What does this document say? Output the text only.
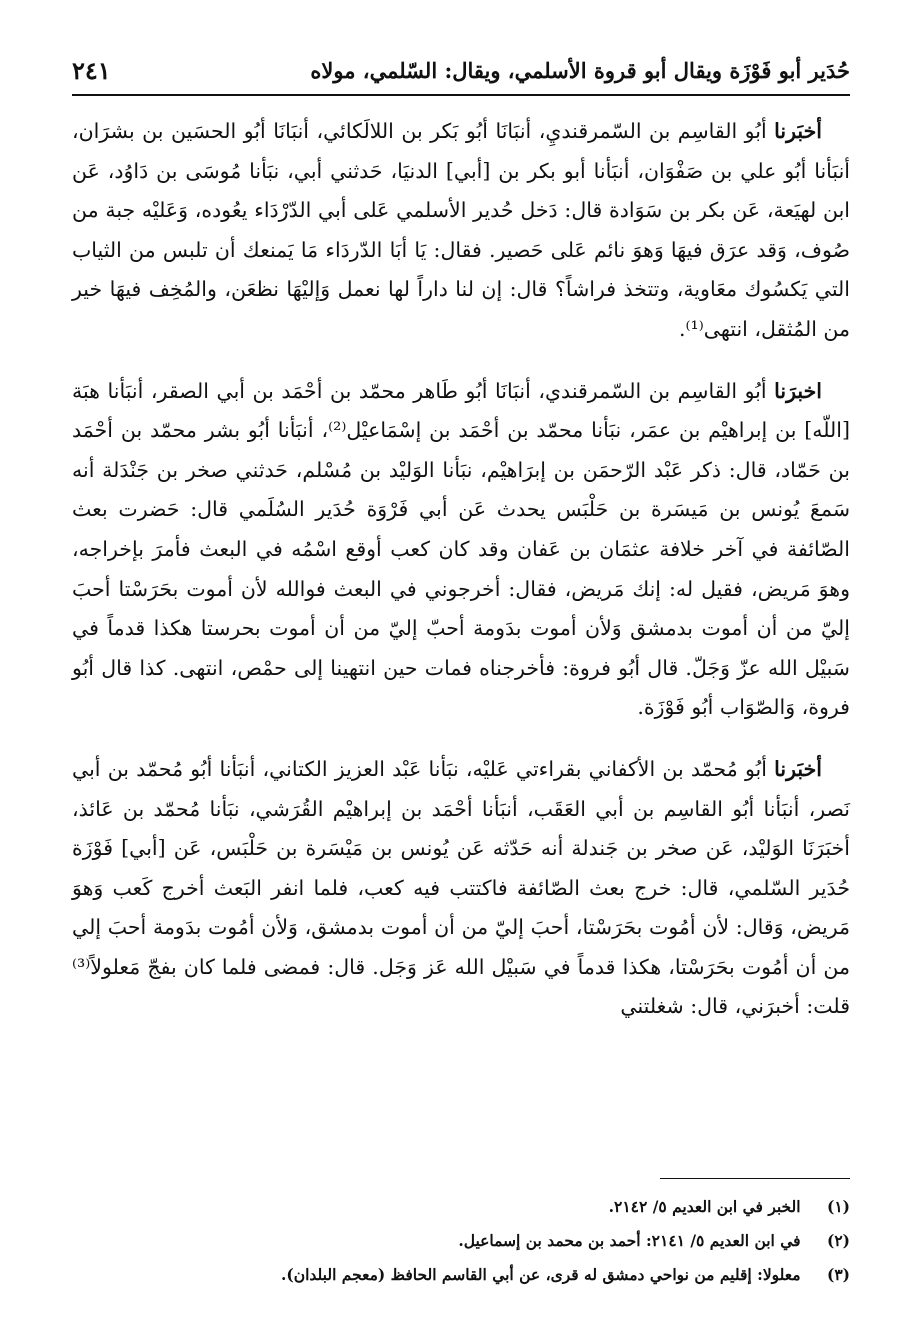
حُدَير أبو فَوْزَة ويقال أبو قروة الأسلمي، ويقال: السّلمي، مولاه
٢٤١

أخبَرنا أبُو القاسِم بن السّمرقنديِ، أنبَانَا أبُو بَكر بن اللالَكائي، أنبَانَا أبُو الحسَين بن بشرَان، أنبَأنا أبُو علي بن صَفْوَان، أنبَأنا أبو بكر بن [أبي] الدنيَا، حَدثني أبي، نبَأنا مُوسَى بن دَاوُد، عَن ابن لهيَعة، عَن بكر بن سَوَادة قال: دَخل حُدير الأسلمي عَلى أبي الدّرْدَاء يعُوده، وَعَليْه جبة من صُوف، وَقد عرَق فيهَا وَهوَ نائم عَلى حَصير. فقال: يَا أبَا الدّردَاء مَا يَمنعك أن تلبس من الثياب التي يَكسُوك معَاوية، وتتخذ فراشاً؟ قال: إن لنا داراً لها نعمل وَإليْهَا نظعَن، والمُخِف فيهَا خير من المُثقل، انتهى⁽¹⁾.

اخبرَنا أبُو القاسِم بن السّمرقندي، أنبَانَا أبُو طَاهر محمّد بن أحْمَد بن أبي الصقر، أنبَأنا هبَة [اللّه] بن إبراهيْم بن عمَر، نبَأنا محمّد بن أحْمَد بن إسْمَاعيْل⁽²⁾، أنبَأنا أبُو بشر محمّد بن أحْمَد بن حَمّاد، قال: ذكر عَبْد الرّحمَن بن إبرَاهيْم، نبَأنا الوَليْد بن مُسْلم، حَدثني صخر بن جَنْدَلة أنه سَمعَ يُونس بن مَيسَرة بن حَلْبَس يحدث عَن أبي فَرْوَة حُدَير السُلَمي قال: حَضرت بعث الصّائفة في آخر خلافة عثمَان بن عَفان وقد كان كعب أوقع اسْمُه في البعث فأمرَ بإخراجه، وهوَ مَريض، فقيل له: إنك مَريض، فقال: أخرجوني في البعث فوالله لأن أموت بحَرَسْتا أحبَ إليّ من أن أموت بدمشق وَلأن أموت بدَومة أحبّ إليّ من أن أموت بحرستا هكذا قدماً في سَبيْل الله عزّ وَجَلّ. قال أبُو فروة: فأخرجناه فمات حين انتهينا إلى حمْص، انتهى. كذا قال أبُو فروة، وَالصّوَاب أبُو فَوْزَة.

أخبَرنا أبُو مُحمّد بن الأكفاني بقراءتي عَليْه، نبَأنا عَبْد العزيز الكتاني، أنبَأنا أبُو مُحمّد بن أبي نَصر، أنبَأنا أبُو القاسِم بن أبي العَقَب، أنبَأنا أحْمَد بن إبراهيْم القُرَشي، نبَأنا مُحمّد بن عَائذ، أخبَرَنَا الوَليْد، عَن صخر بن جَندلة أنه حَدّثه عَن يُونس بن مَيْسَرة بن حَلْبَس، عَن [أبي] فَوْزَة حُدَير السّلمي، قال: خرج بعث الصّائفة فاكتتب فيه كعب، فلما انفر البَعث أخرج كَعب وَهوَ مَريض، وَقال: لأن أمُوت بحَرَسْتا، أحبَ إليّ من أن أموت بدمشق، وَلأن أمُوت بدَومة أحبَ إلي من أن أمُوت بحَرَسْتا، هكذا قدماً في سَبيْل الله عَز وَجَل. قال: فمضى فلما كان بفجّ مَعلولاً⁽³⁾ قلت: أخبرَني، قال: شغلتني

(١) الخبر في ابن العديم ٥/ ٢١٤٢.
(٢) في ابن العديم ٥/ ٢١٤١: أحمد بن محمد بن إسماعيل.
(٣) معلولا: إقليم من نواحي دمشق له قرى، عن أبي القاسم الحافظ (معجم البلدان).
